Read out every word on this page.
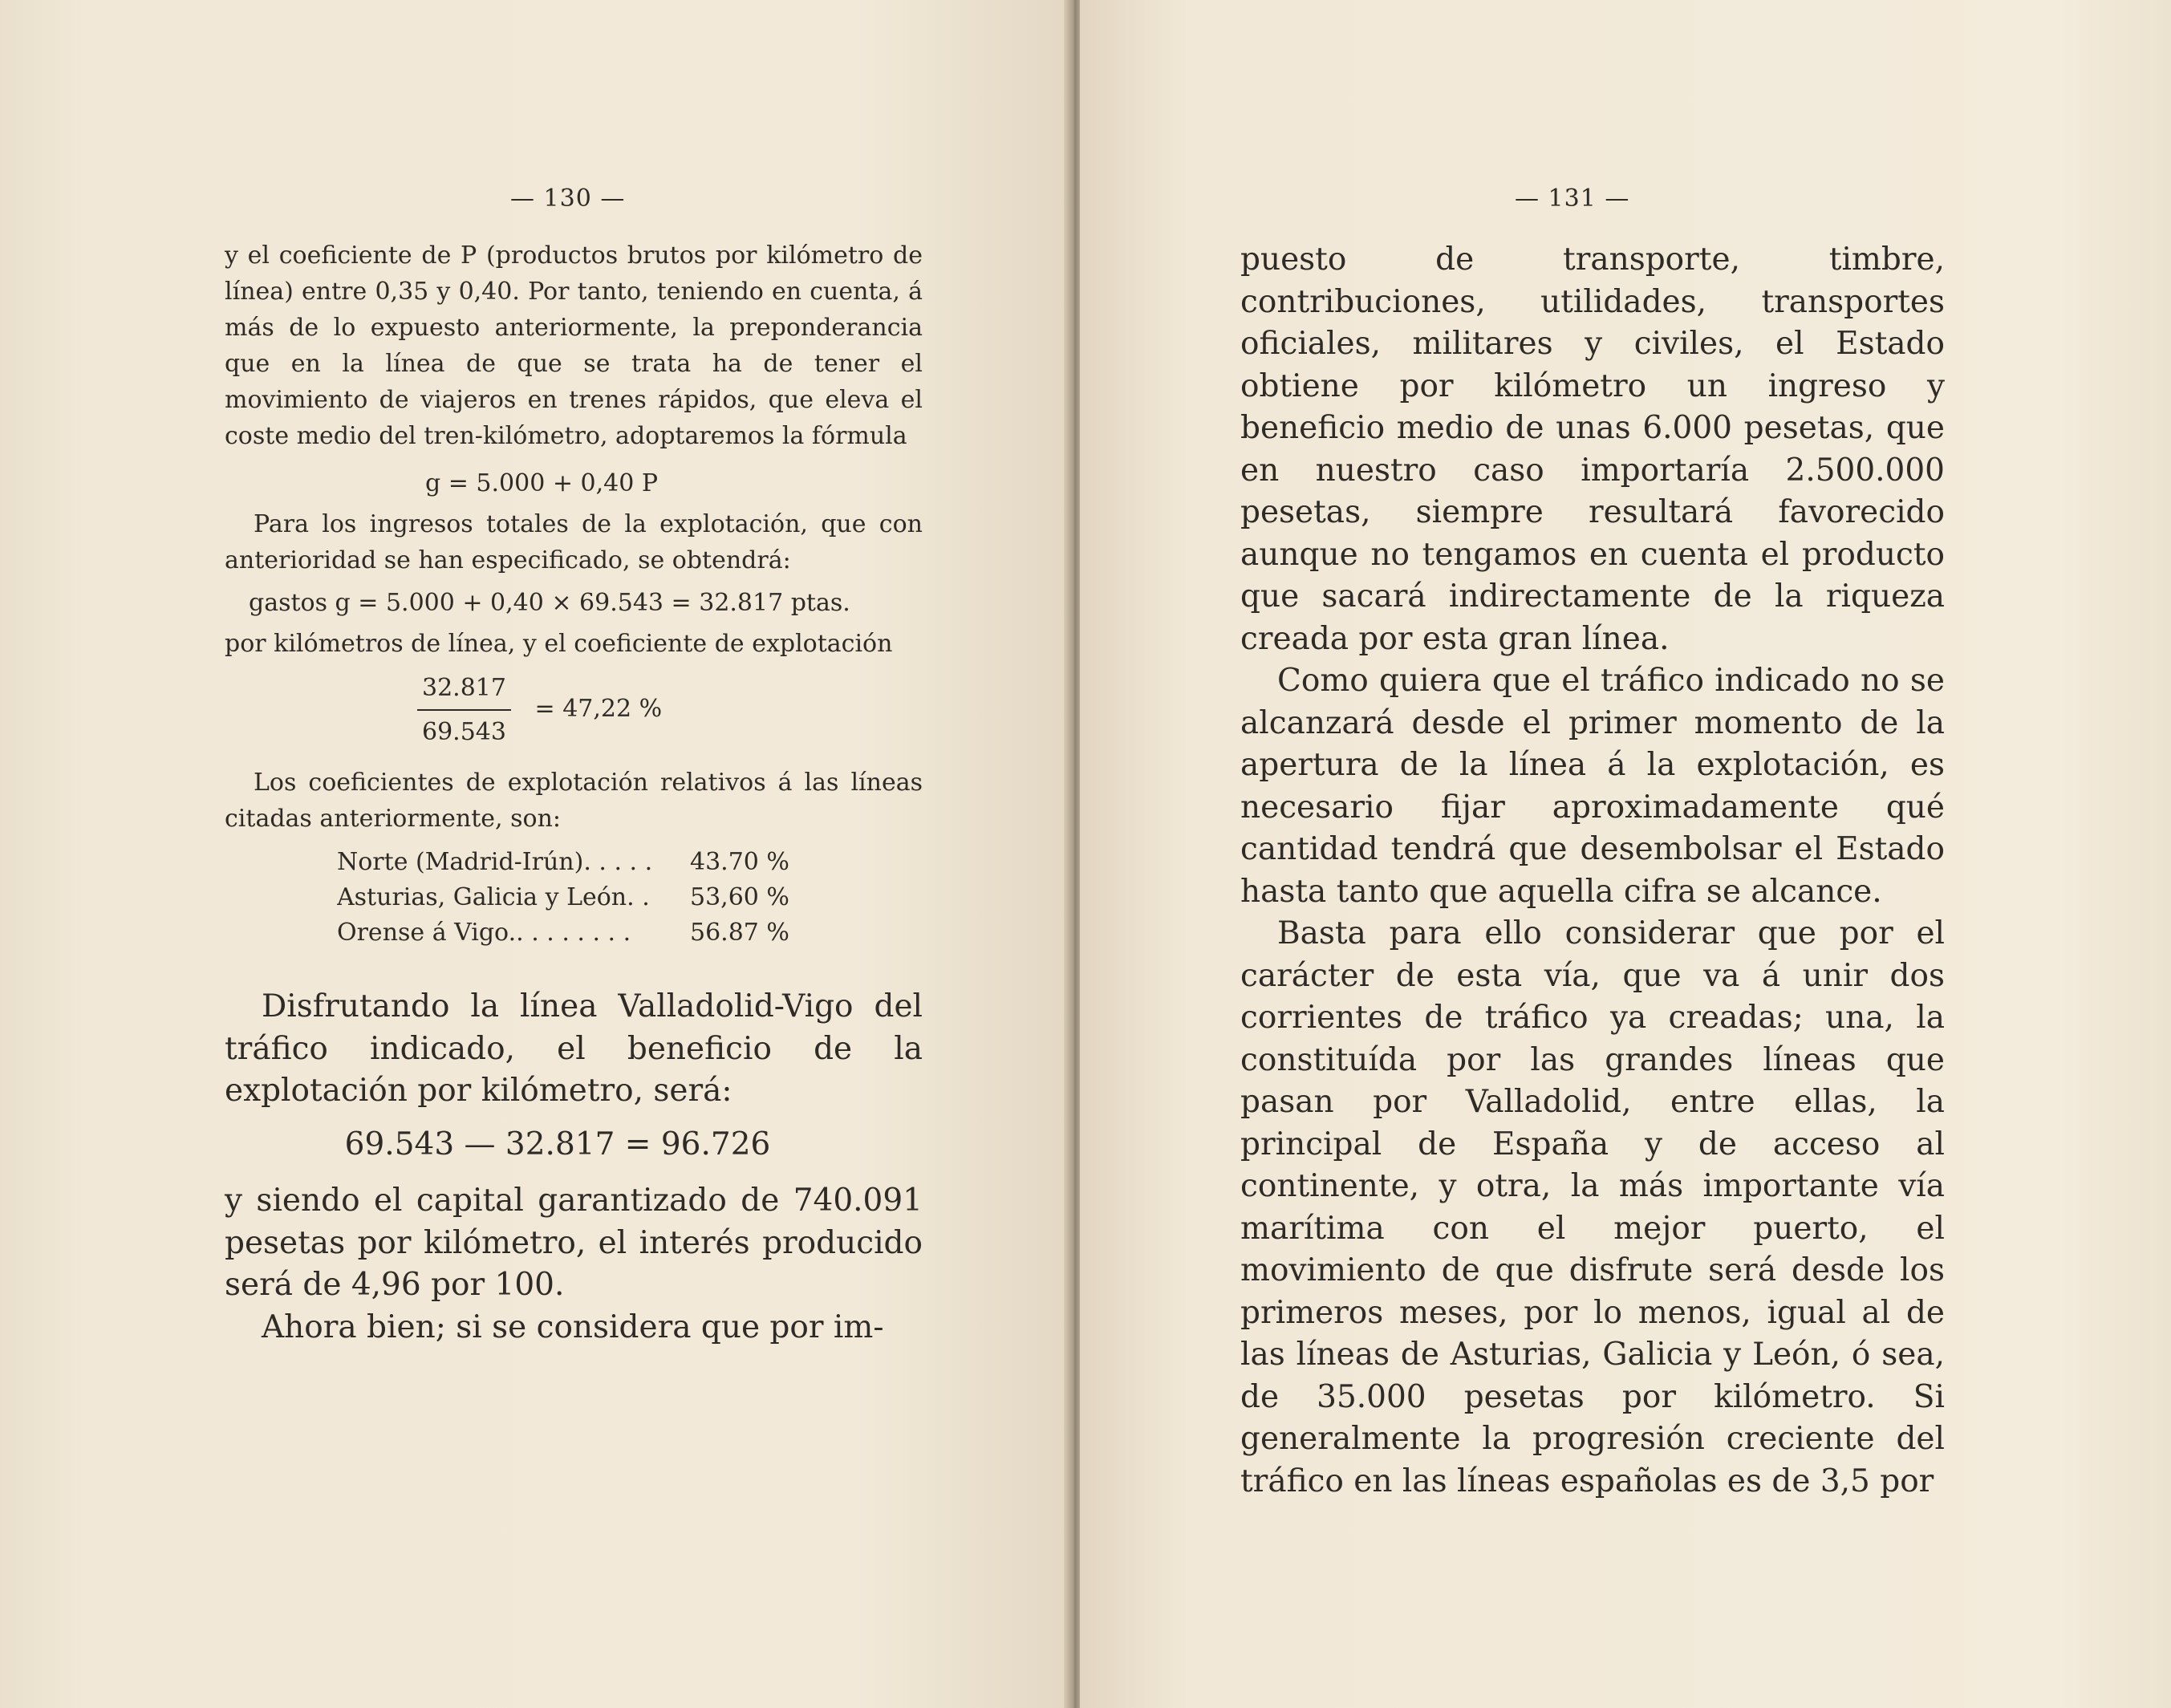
— 130 —

y el coeficiente de P (productos brutos por kilómetro de línea) entre 0,35 y 0,40. Por tanto, teniendo en cuenta, á más de lo expuesto anteriormente, la preponderancia que en la línea de que se trata ha de tener el movimiento de viajeros en trenes rápidos, que eleva el coste medio del tren-kilómetro, adoptaremos la fórmula

g = 5.000 + 0,40 P

Para los ingresos totales de la explotación, que con anterioridad se han especificado, se obtendrá:

gastos g = 5.000 + 0,40 × 69.543 = 32.817 ptas.

por kilómetros de línea, y el coeficiente de explotación

$\frac{32.817}{69.543} = 47,22$ %

Los coeficientes de explotación relativos á las líneas citadas anteriormente, son:

Norte (Madrid-Irún). . . . .	43.70 %
Asturias, Galicia y León. .	53,60 %
Orense á Vigo.. . . . . . . .	56.87 %

Disfrutando la línea Valladolid-Vigo del tráfico indicado, el beneficio de la explotación por kilómetro, será:

69.543 — 32.817 = 96.726

y siendo el capital garantizado de 740.091 pesetas por kilómetro, el interés producido será de 4,96 por 100.

Ahora bien; si se considera que por im-

— 131 —

puesto de transporte, timbre, contribuciones, utilidades, transportes oficiales, militares y civiles, el Estado obtiene por kilómetro un ingreso y beneficio medio de unas 6.000 pesetas, que en nuestro caso importaría 2.500.000 pesetas, siempre resultará favorecido aunque no tengamos en cuenta el producto que sacará indirectamente de la riqueza creada por esta gran línea.

Como quiera que el tráfico indicado no se alcanzará desde el primer momento de la apertura de la línea á la explotación, es necesario fijar aproximadamente qué cantidad tendrá que desembolsar el Estado hasta tanto que aquella cifra se alcance.

Basta para ello considerar que por el carácter de esta vía, que va á unir dos corrientes de tráfico ya creadas; una, la constituída por las grandes líneas que pasan por Valladolid, entre ellas, la principal de España y de acceso al continente, y otra, la más importante vía marítima con el mejor puerto, el movimiento de que disfrute será desde los primeros meses, por lo menos, igual al de las líneas de Asturias, Galicia y León, ó sea, de 35.000 pesetas por kilómetro. Si generalmente la progresión creciente del tráfico en las líneas españolas es de 3,5 por
